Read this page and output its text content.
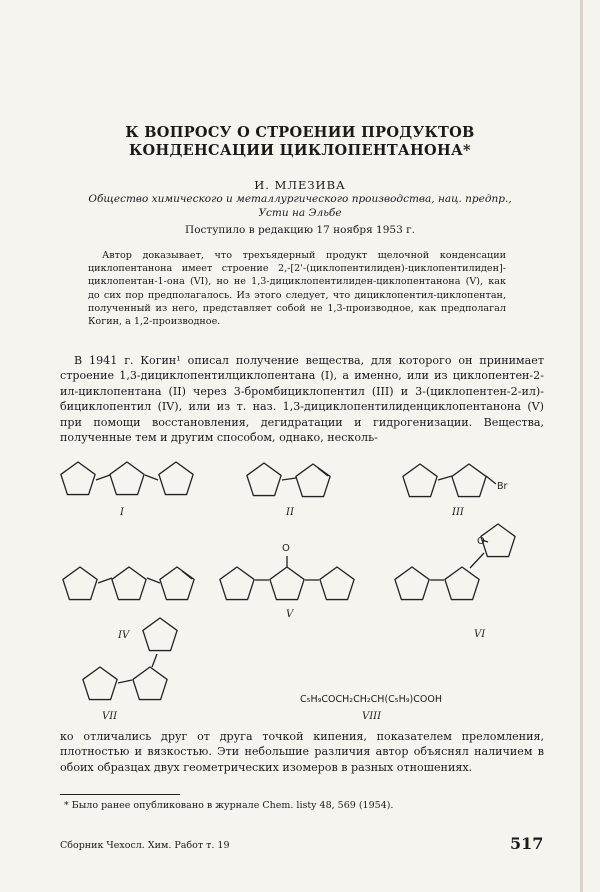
К ВОПРОСУ О СТРОЕНИИ ПРОДУКТОВ КОНДЕНСАЦИИ ЦИКЛОПЕНТАНОНА*
И. МЛЕЗИВА
Общество химического и металлургического производства, нац. предпр., Усти на Эльбе
Поступило в редакцию 17 ноября 1953 г.
Автор доказывает, что трехъядерный продукт щелочной конденсации циклопентанона имеет строение 2,-[2'-(циклопентилиден)-циклопентилиден]-циклопентан-1-она (VI), но не 1,3-дициклопентилиден-циклопентанона (V), как до сих пор предполагалось. Из этого следует, что дициклопентил-циклопентан, полученный из него, представляет собой не 1,3-производное, как предполагал Когин, а 1,2-производное.
В 1941 г. Когин¹ описал получение вещества, для которого он принимает строение 1,3-дициклопентилциклопентана (I), а именно, или из циклопентен-2-ил-циклопентана (II) через 3-бромбициклопентил (III) и 3-(циклопентен-2-ил)-бициклопентил (IV), или из т. наз. 1,3-дициклопентилиденциклопентанона (V) при помощи восстановления, дегидратации и гидрогенизации. Вещества, полученные тем и другим способом, однако, несколь-
Br
O
O
I	II	III
IV
V
VI
VII	VIII
C₅H₉COCH₂CH₂CH(C₅H₉)COOH
ко отличались друг от друга точкой кипения, показателем преломления, плотностью и вязкостью. Эти небольшие различия автор объяснял наличием в обоих образцах двух геометрических изомеров в разных отношениях.
* Было ранее опубликовано в журнале Chem. listy 48, 569 (1954).
Сборник Чехосл. Хим. Работ т. 19	517
